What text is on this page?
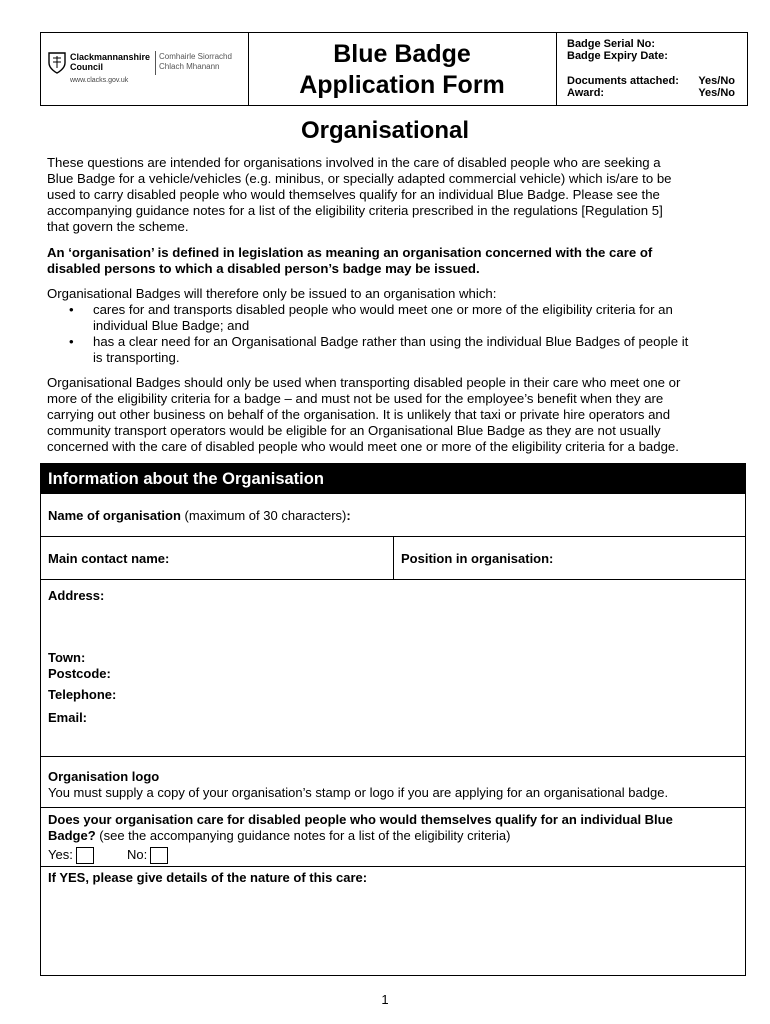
Clackmannanshire
Council
Comhairle Siorrachd
Chlach Mhanann
www.clacks.gov.uk
Blue Badge
Application Form
Badge Serial No:
Badge Expiry Date:
Documents attached: Yes/No
Award:	Yes/No
Organisational
These questions are intended for organisations involved in the care of disabled people who are seeking a
Blue Badge for a vehicle/vehicles (e.g. minibus, or specially adapted commercial vehicle) which is/are to be
used to carry disabled people who would themselves qualify for an individual Blue Badge. Please see the
accompanying guidance notes for a list of the eligibility criteria prescribed in the regulations [Regulation 5]
that govern the scheme.
An ‘organisation’ is defined in legislation as meaning an organisation concerned with the care of
disabled persons to which a disabled person’s badge may be issued.
Organisational Badges will therefore only be issued to an organisation which:
• cares for and transports disabled people who would meet one or more of the eligibility criteria for an
individual Blue Badge; and
• has a clear need for an Organisational Badge rather than using the individual Blue Badges of people it
is transporting.
Organisational Badges should only be used when transporting disabled people in their care who meet one or
more of the eligibility criteria for a badge – and must not be used for the employee’s benefit when they are
carrying out other business on behalf of the organisation. It is unlikely that taxi or private hire operators and
community transport operators would be eligible for an Organisational Blue Badge as they are not usually
concerned with the care of disabled people who would meet one or more of the eligibility criteria for a badge.
Information about the Organisation
Name of organisation (maximum of 30 characters):
Main contact name:	Position in organisation:
Address:
Town:
Postcode:
Telephone:
Email:
Organisation logo
You must supply a copy of your organisation’s stamp or logo if you are applying for an organisational badge.
Does your organisation care for disabled people who would themselves qualify for an individual Blue
Badge? (see the accompanying guidance notes for a list of the eligibility criteria)
Yes:	No:
If YES, please give details of the nature of this care:
1
